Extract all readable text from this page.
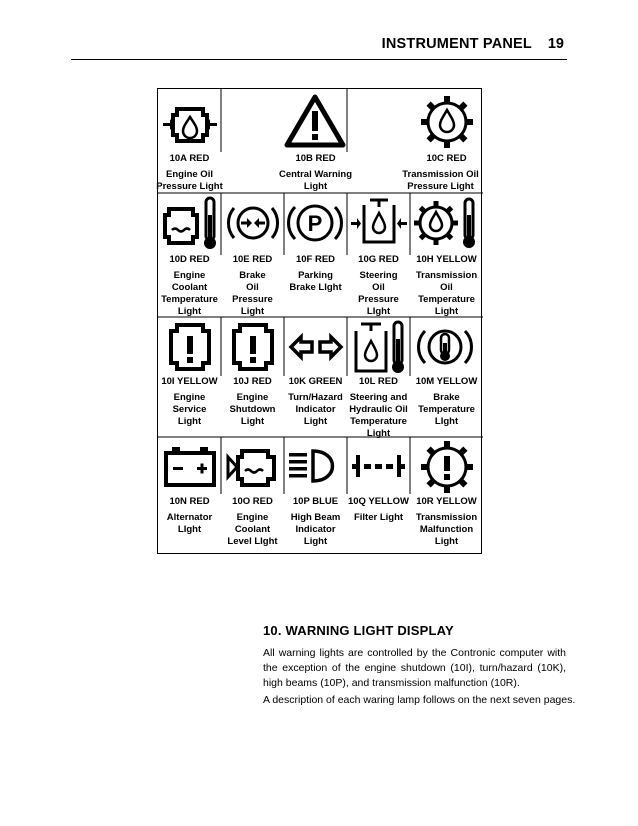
INSTRUMENT PANEL 19
P
10A RED
Engine Oil
Pressure Light
10B RED
Central Warning
Light
10C RED
Transmission Oil
Pressure Light
10D RED
Engine
Coolant
Temperature
Light
10E RED
Brake
Oil
Pressure
Light
10F RED
Parking
Brake LIght
10G RED
Steering
Oil
Pressure
LIght
10H YELLOW
Transmission
Oil
Temperature
Light
10I YELLOW
Engine
Service
Light
10J RED
Engine
Shutdown
Light
10K GREEN
Turn/Hazard
Indicator
Light
10L RED
Steering and
Hydraulic Oil
Temperature
Light
10M YELLOW
Brake
Temperature
LIght
10N RED
Alternator
LIght
10O RED
Engine
Coolant
Level LIght
10P BLUE
High Beam
Indicator
Light
10Q YELLOW
Filter Light
10R YELLOW
Transmission
Malfunction
Light
10. WARNING LIGHT DISPLAY
All warning lights are controlled by the Contronic computer with the exception of the engine shutdown (10I), turn/hazard (10K), high beams (10P), and transmission malfunction (10R).
A description of each waring lamp follows on the next seven pages.
